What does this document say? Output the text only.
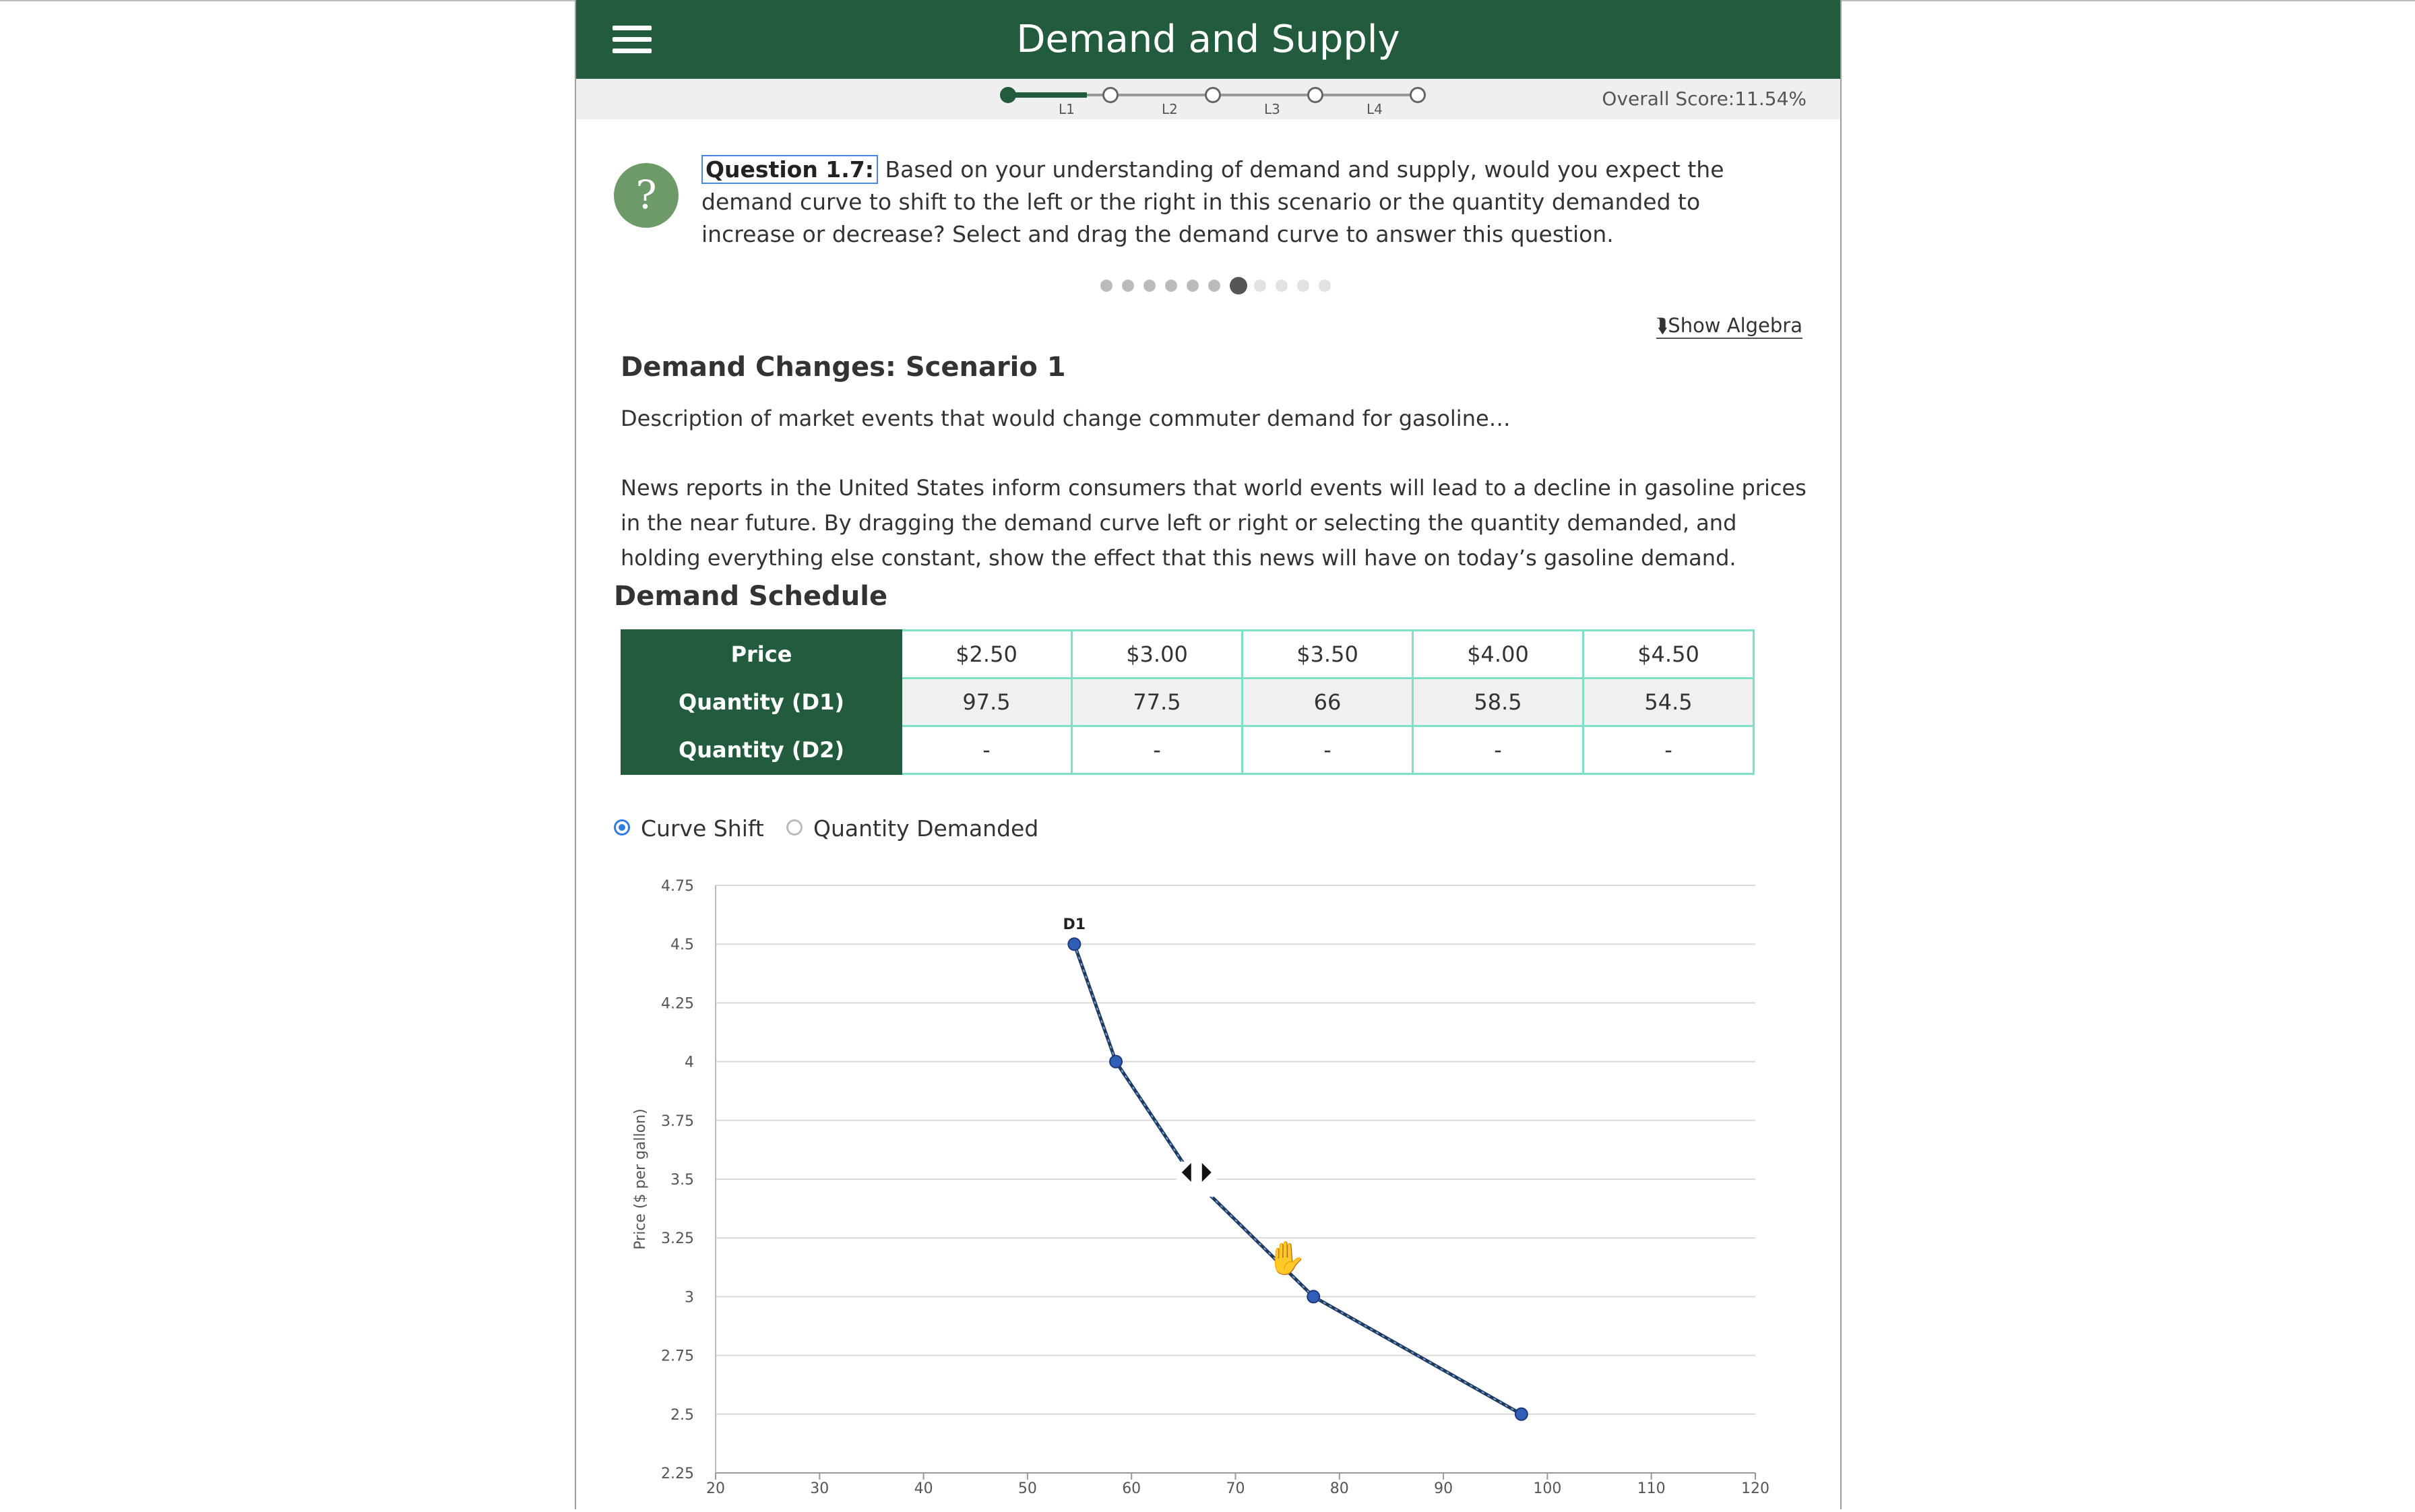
Demand and Supply
L1	L2	L3	L4	Overall Score:11.54%
?
Question 1.7: Based on your understanding of demand and supply, would you expect the demand curve to shift to the left or the right in this scenario or the quantity demanded to increase or decrease? Select and drag the demand curve to answer this question.
⮯Show Algebra
Demand Changes: Scenario 1
Description of market events that would change commuter demand for gasoline…
News reports in the United States inform consumers that world events will lead to a decline in gasoline prices in the near future. By dragging the demand curve left or right or selecting the quantity demanded, and holding everything else constant, show the effect that this news will have on today’s gasoline demand.
Demand Schedule
Price	$2.50	$3.00	$3.50	$4.00	$4.50
Quantity (D1)	97.5	77.5	66	58.5	54.5
Quantity (D2)	-	-	-	-	-
Curve Shift Quantity Demanded
4.75
4.5
4.25
4
3.75
3.5
3.25
3
2.75
2.5
2.25
20	30	40	50	60	70	80	90	100	110	120
Price ($ per gallon)
D1
✋
